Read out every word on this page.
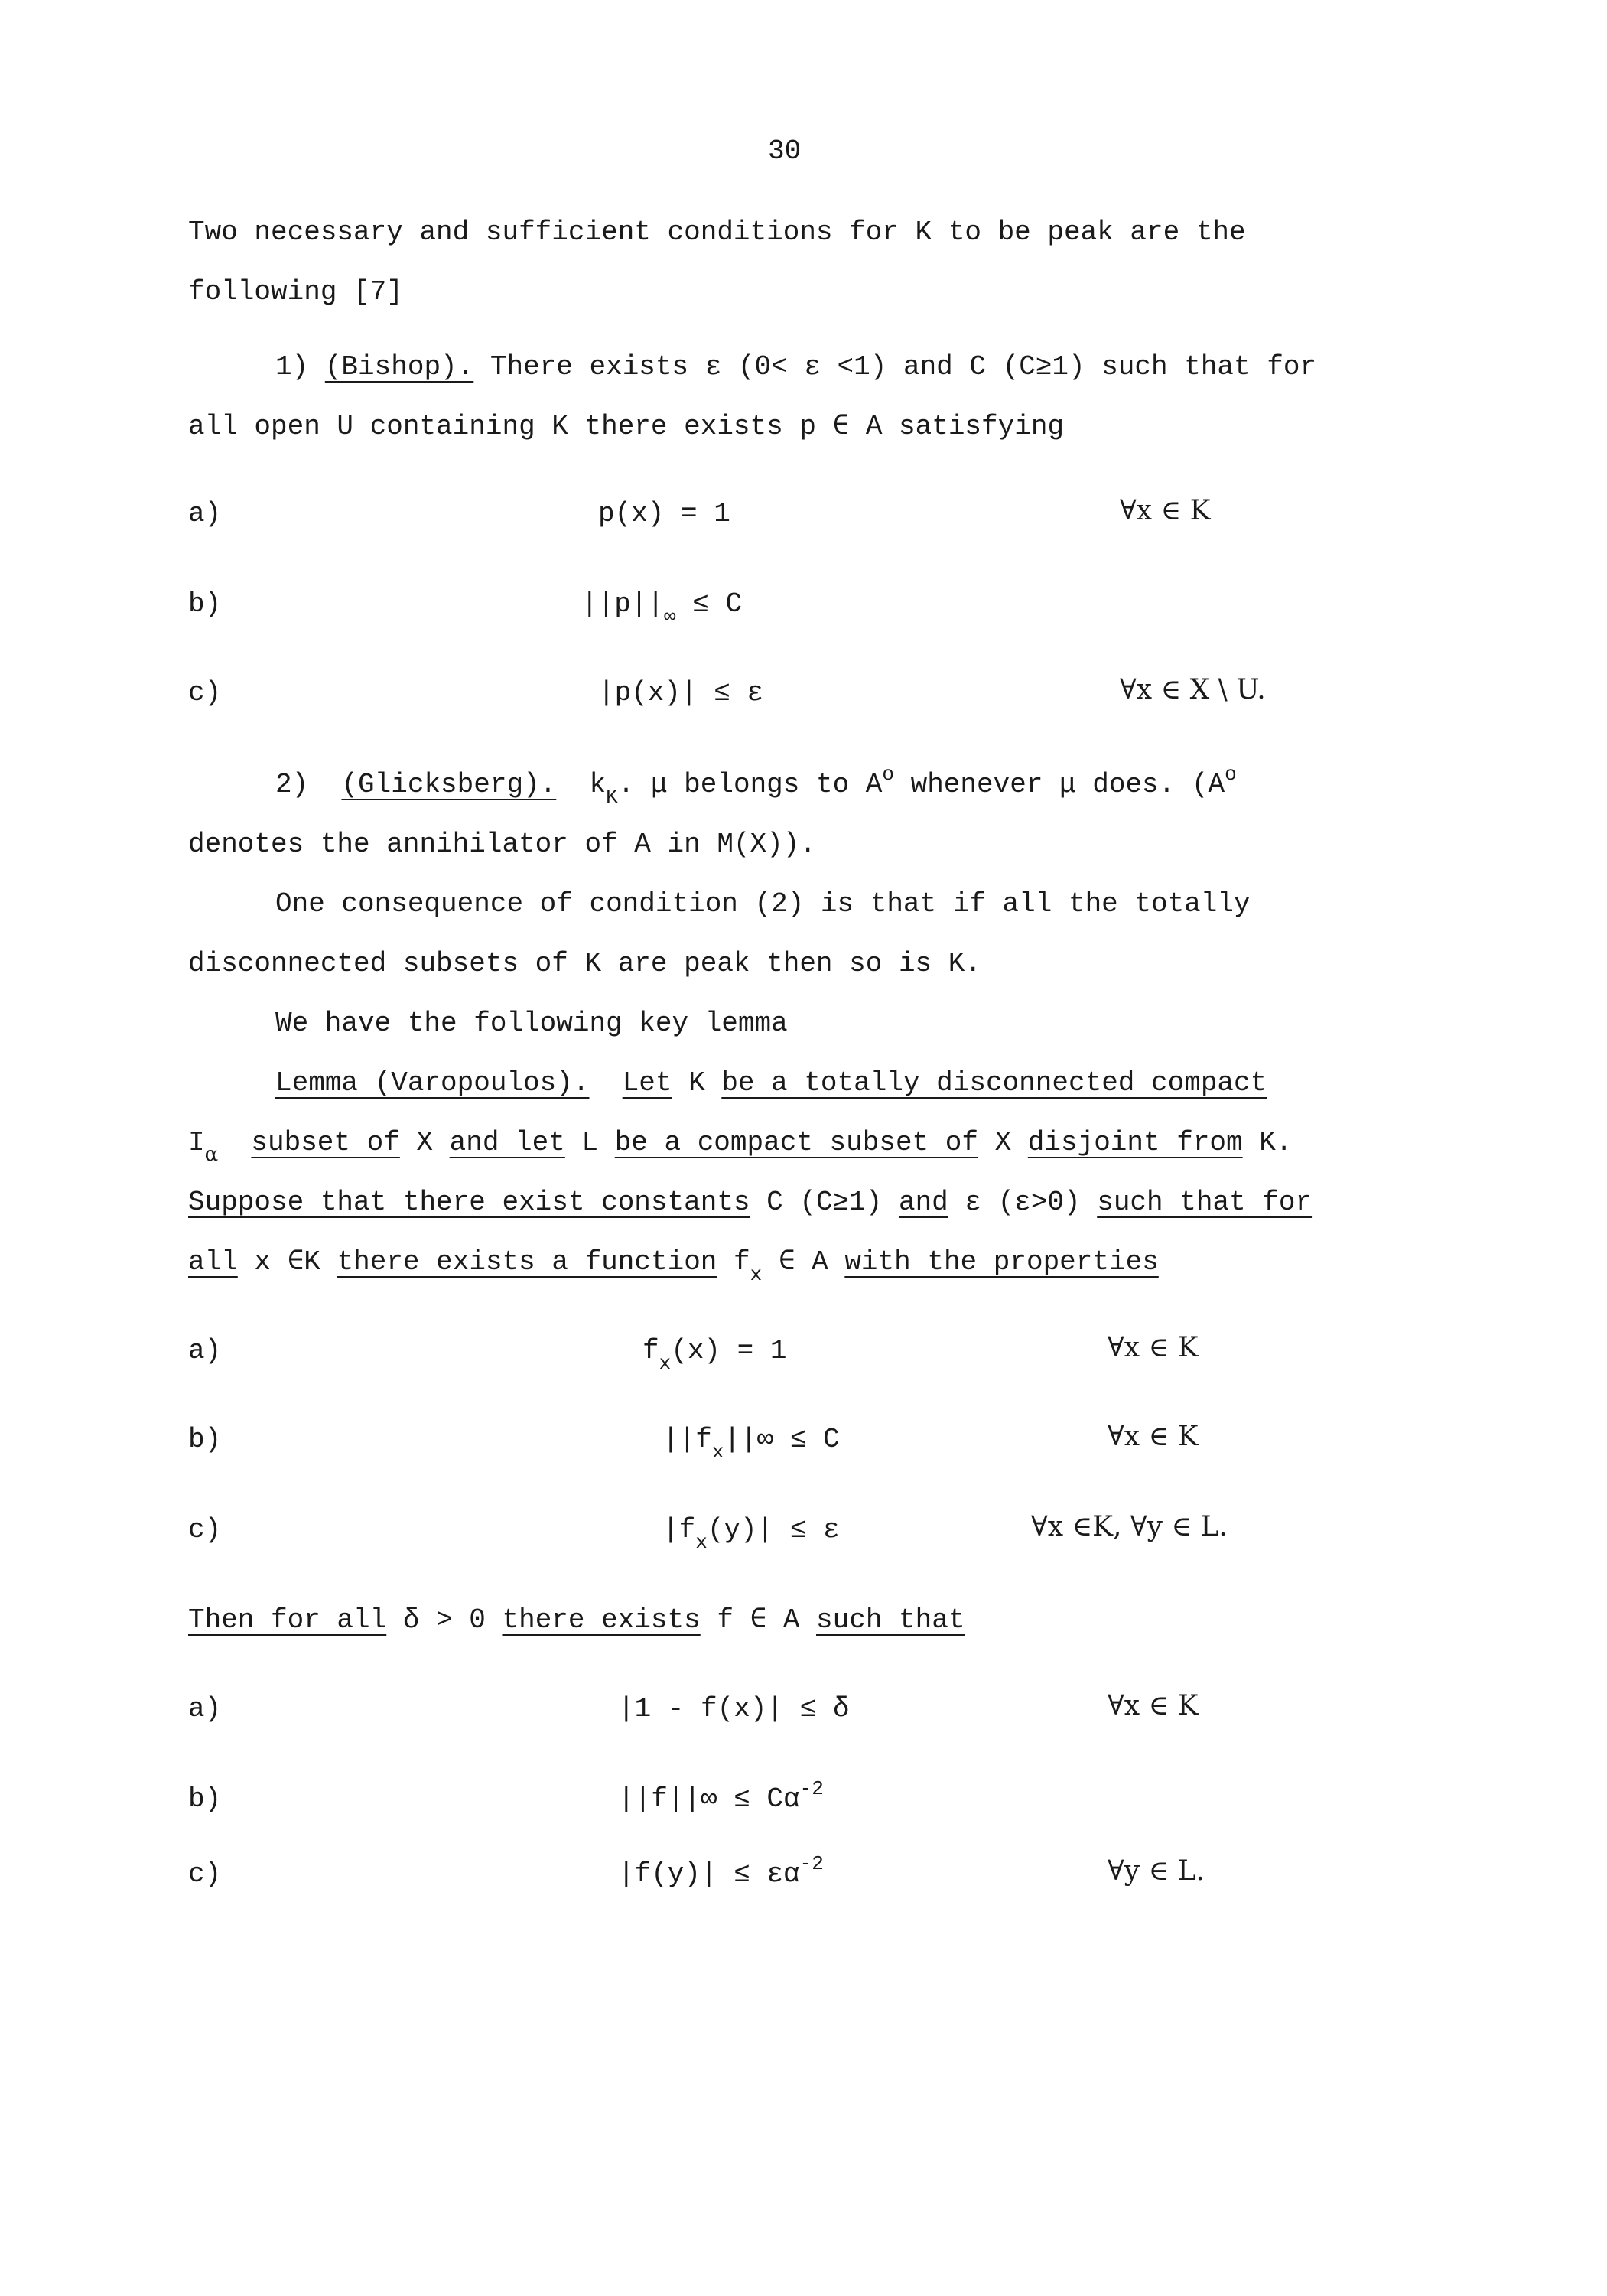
30
Two necessary and sufficient conditions for K to be peak are the
following [7]
1) (Bishop). There exists ε (0< ε <1) and C (C≥1) such that for
all open U containing K there exists p ∈ A satisfying
a)	p(x) = 1	∀x ∈ K
b)	$||p||_\infty \le C$
c)	|p(x)| ≤ ε	∀x ∈ X \ U.
2) (Glicksberg). $k_K$. μ belongs to $A^o$ whenever μ does. ($A^o$
denotes the annihilator of A in M(X)).
One consequence of condition (2) is that if all the totally
disconnected subsets of K are peak then so is K.
We have the following key lemma
Lemma (Varopoulos). Let K be a totally disconnected compact
$I_\alpha$ subset of X and let L be a compact subset of X disjoint from K.
Suppose that there exist constants C (C≥1) and ε (ε>0) such that for
all x ∈K there exists a function $f_x$ ∈ A with the properties
a)	$f_x(x) = 1$	∀x ∈ K
b)	$||f_x||\infty \le C$	∀x ∈ K
c)	$|f_x(y)| \le \varepsilon$	∀x ∈K, ∀y ∈ L.
Then for all δ > 0 there exists f ∈ A such that
a)	|1 - f(x)| ≤ δ	∀x ∈ K
b)	$||f||\infty \le C\alpha^{-2}$
c)	$|f(y)| \le \varepsilon\alpha^{-2}$	∀y ∈ L.
